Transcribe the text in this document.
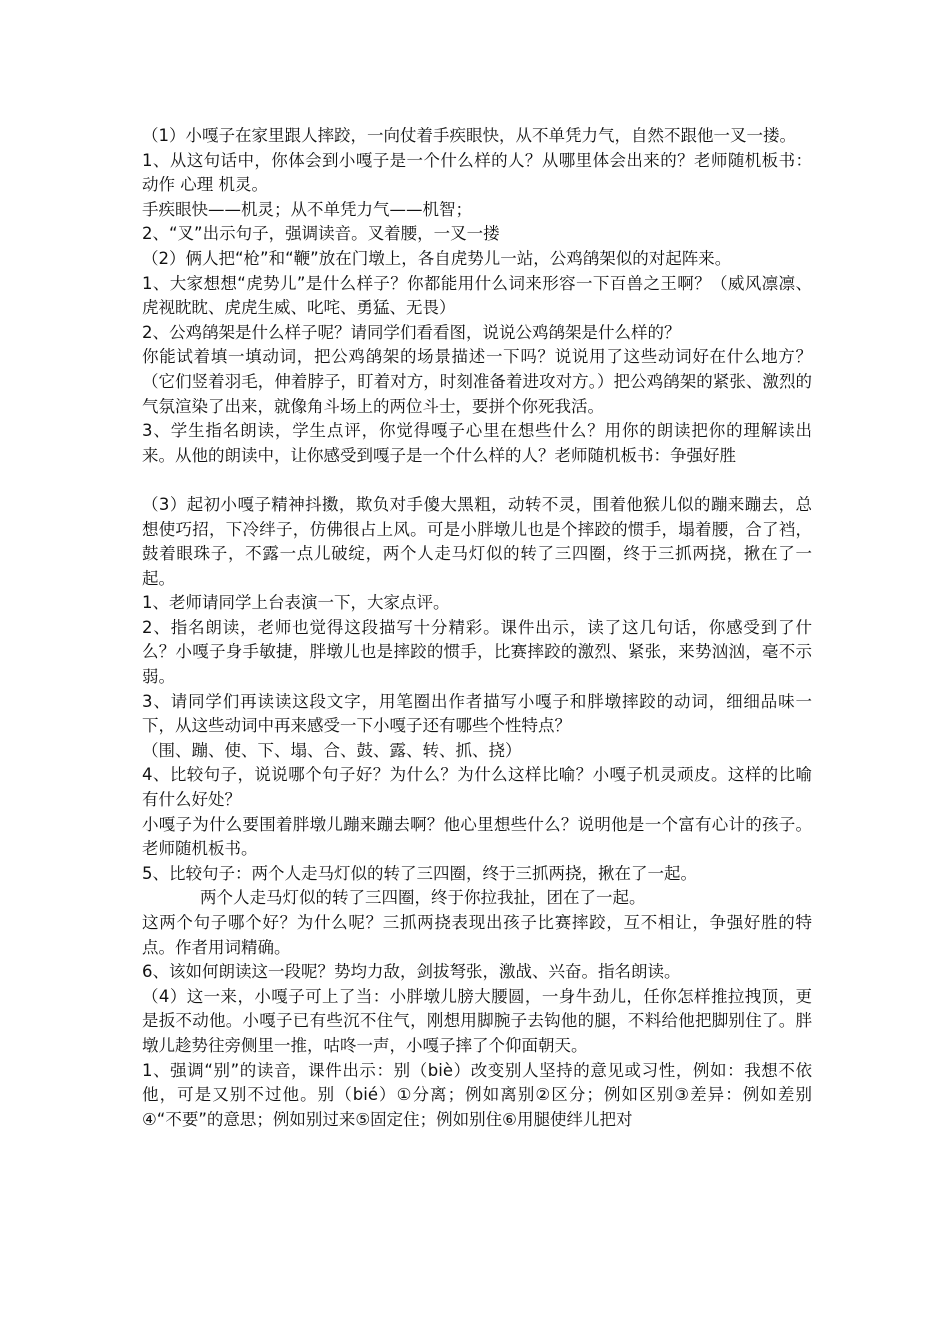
（1）小嘎子在家里跟人摔跤，一向仗着手疾眼快，从不单凭力气，自然不跟他一叉一搂。

1、从这句话中，你体会到小嘎子是一个什么样的人？从哪里体会出来的？老师随机板书：动作 心理 机灵。

手疾眼快——机灵；从不单凭力气——机智；

2、“叉”出示句子，强调读音。叉着腰，一叉一搂

（2）俩人把“枪”和“鞭”放在门墩上，各自虎势儿一站，公鸡鹐架似的对起阵来。

1、大家想想“虎势儿”是什么样子？你都能用什么词来形容一下百兽之王啊？（威风凛凛、虎视眈眈、虎虎生威、叱咤、勇猛、无畏）

2、公鸡鹐架是什么样子呢？请同学们看看图，说说公鸡鹐架是什么样的？

你能试着填一填动词，把公鸡鹐架的场景描述一下吗？说说用了这些动词好在什么地方？（它们竖着羽毛，伸着脖子，盯着对方，时刻准备着进攻对方。）把公鸡鹐架的紧张、激烈的气氛渲染了出来，就像角斗场上的两位斗士，要拼个你死我活。

3、学生指名朗读，学生点评，你觉得嘎子心里在想些什么？用你的朗读把你的理解读出来。从他的朗读中，让你感受到嘎子是一个什么样的人？老师随机板书：争强好胜

（3）起初小嘎子精神抖擞，欺负对手傻大黑粗，动转不灵，围着他猴儿似的蹦来蹦去，总想使巧招，下冷绊子，仿佛很占上风。可是小胖墩儿也是个摔跤的惯手，塌着腰，合了裆，鼓着眼珠子，不露一点儿破绽，两个人走马灯似的转了三四圈，终于三抓两挠，揪在了一起。

1、老师请同学上台表演一下，大家点评。

2、指名朗读，老师也觉得这段描写十分精彩。课件出示，读了这几句话，你感受到了什么？小嘎子身手敏捷，胖墩儿也是摔跤的惯手，比赛摔跤的激烈、紧张，来势汹汹，毫不示弱。

3、请同学们再读读这段文字，用笔圈出作者描写小嘎子和胖墩摔跤的动词，细细品味一下，从这些动词中再来感受一下小嘎子还有哪些个性特点？

（围、蹦、使、下、塌、合、鼓、露、转、抓、挠）

4、比较句子，说说哪个句子好？为什么？为什么这样比喻？小嘎子机灵顽皮。这样的比喻有什么好处？

小嘎子为什么要围着胖墩儿蹦来蹦去啊？他心里想些什么？说明他是一个富有心计的孩子。老师随机板书。

5、比较句子：两个人走马灯似的转了三四圈，终于三抓两挠，揪在了一起。

两个人走马灯似的转了三四圈，终于你拉我扯，团在了一起。

这两个句子哪个好？为什么呢？三抓两挠表现出孩子比赛摔跤，互不相让，争强好胜的特点。作者用词精确。

6、该如何朗读这一段呢？势均力敌，剑拔弩张，激战、兴奋。指名朗读。

（4）这一来，小嘎子可上了当：小胖墩儿膀大腰圆，一身牛劲儿，任你怎样推拉拽顶，更是扳不动他。小嘎子已有些沉不住气，刚想用脚腕子去钩他的腿，不料给他把脚别住了。胖墩儿趁势往旁侧里一推，咕咚一声，小嘎子摔了个仰面朝天。

1、强调“别”的读音，课件出示：别（biè）改变别人坚持的意见或习性，例如：我想不依他，可是又别不过他。别（bié）①分离；例如离别②区分；例如区别③差异：例如差别④“不要”的意思；例如别过来⑤固定住；例如别住⑥用腿使绊儿把对
